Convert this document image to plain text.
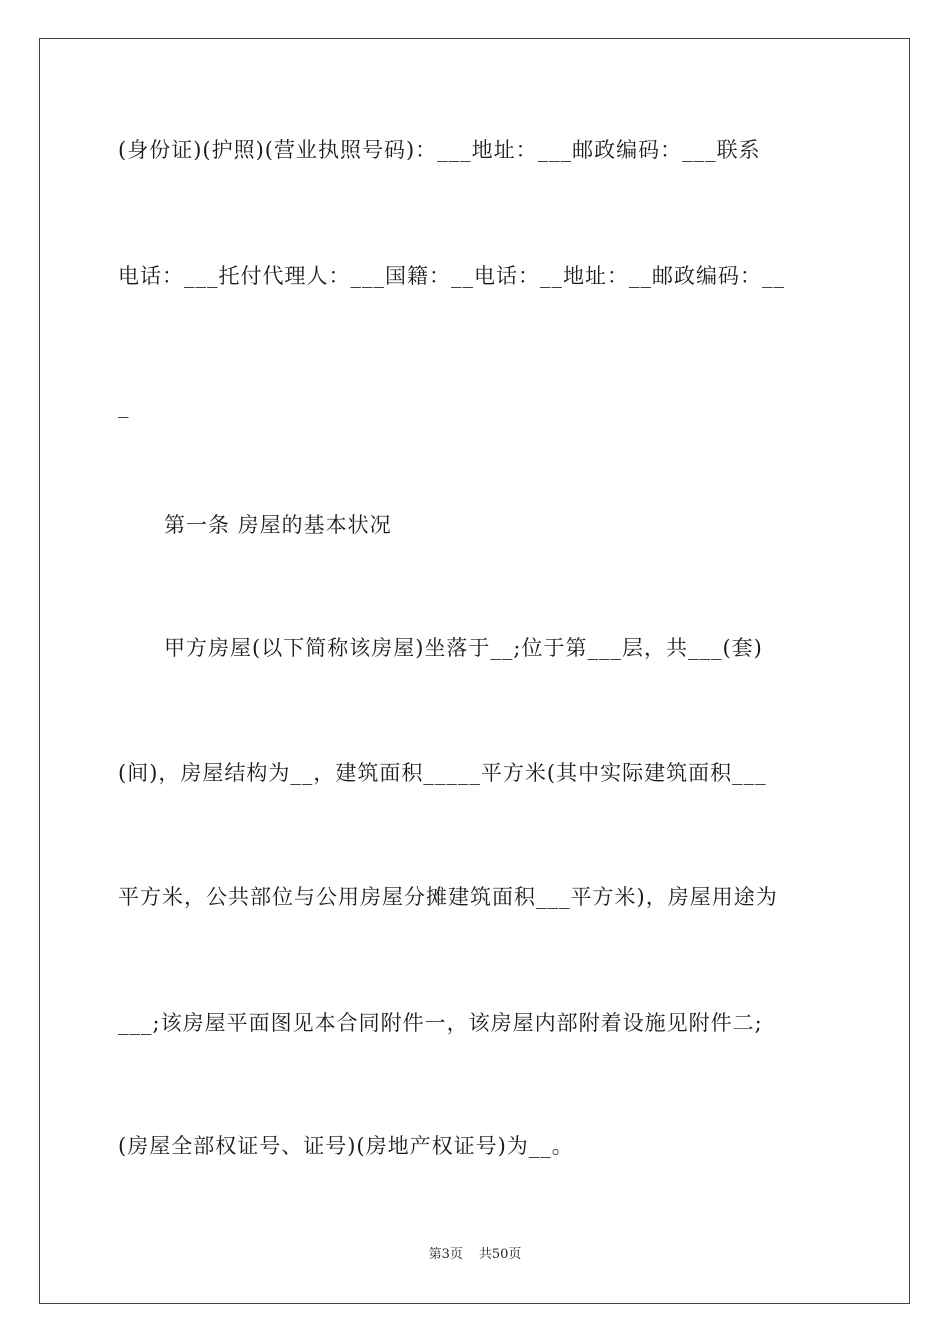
(身份证)(护照)(营业执照号码)：___地址：___邮政编码：___联系
电话：___托付代理人：___国籍：__电话：__地址：__邮政编码：__
_
第一条 房屋的基本状况
甲方房屋(以下简称该房屋)坐落于__;位于第___层，共___(套)
(间)，房屋结构为__，建筑面积_____平方米(其中实际建筑面积___
平方米，公共部位与公用房屋分摊建筑面积___平方米)，房屋用途为
___;该房屋平面图见本合同附件一，该房屋内部附着设施见附件二;
(房屋全部权证号、证号)(房地产权证号)为__。
第3页 共50页
